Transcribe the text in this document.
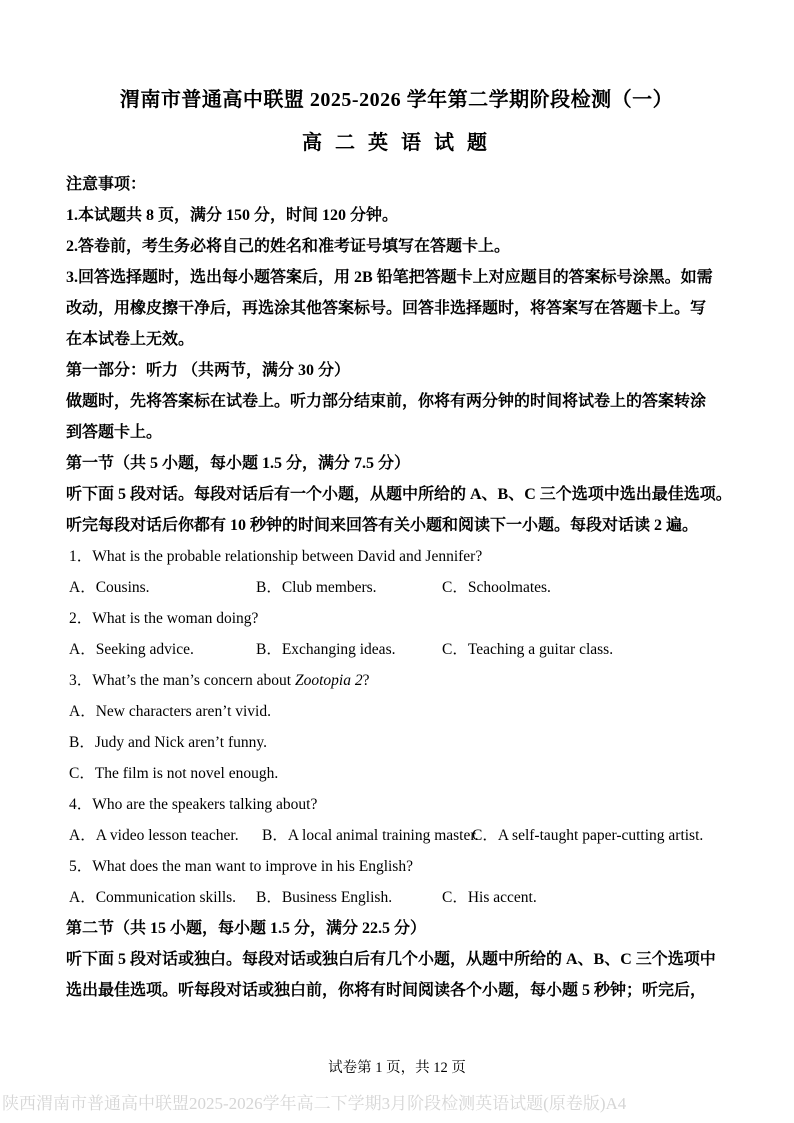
渭南市普通高中联盟 2025-2026 学年第二学期阶段检测（一）
高 二 英 语 试 题
注意事项：
1.本试题共 8 页，满分 150 分，时间 120 分钟。
2.答卷前，考生务必将自己的姓名和准考证号填写在答题卡上。
3.回答选择题时，选出每小题答案后，用 2B 铅笔把答题卡上对应题目的答案标号涂黑。如需
改动，用橡皮擦干净后，再选涂其他答案标号。回答非选择题时，将答案写在答题卡上。写
在本试卷上无效。
第一部分：听力 （共两节，满分 30 分）
做题时，先将答案标在试卷上。听力部分结束前，你将有两分钟的时间将试卷上的答案转涂
到答题卡上。
第一节（共 5 小题，每小题 1.5 分，满分 7.5 分）
听下面 5 段对话。每段对话后有一个小题，从题中所给的 A、B、C 三个选项中选出最佳选项。
听完每段对话后你都有 10 秒钟的时间来回答有关小题和阅读下一小题。每段对话读 2 遍。
1．What is the probable relationship between David and Jennifer?
A．Cousins.	B．Club members.	C．Schoolmates.
2．What is the woman doing?
A．Seeking advice.	B．Exchanging ideas.	C．Teaching a guitar class.
3．What’s the man’s concern about Zootopia 2?
A．New characters aren’t vivid.
B．Judy and Nick aren’t funny.
C．The film is not novel enough.
4．Who are the speakers talking about?
A．A video lesson teacher.	B．A local animal training master.
C．A self-taught paper-cutting artist.
5．What does the man want to improve in his English?
A．Communication skills.	B．Business English.	C．His accent.
第二节（共 15 小题，每小题 1.5 分，满分 22.5 分）
听下面 5 段对话或独白。每段对话或独白后有几个小题，从题中所给的 A、B、C 三个选项中
选出最佳选项。听每段对话或独白前，你将有时间阅读各个小题，每小题 5 秒钟；听完后，
试卷第 1 页，共 12 页
陕西渭南市普通高中联盟2025-2026学年高二下学期3月阶段检测英语试题(原卷版)A4
